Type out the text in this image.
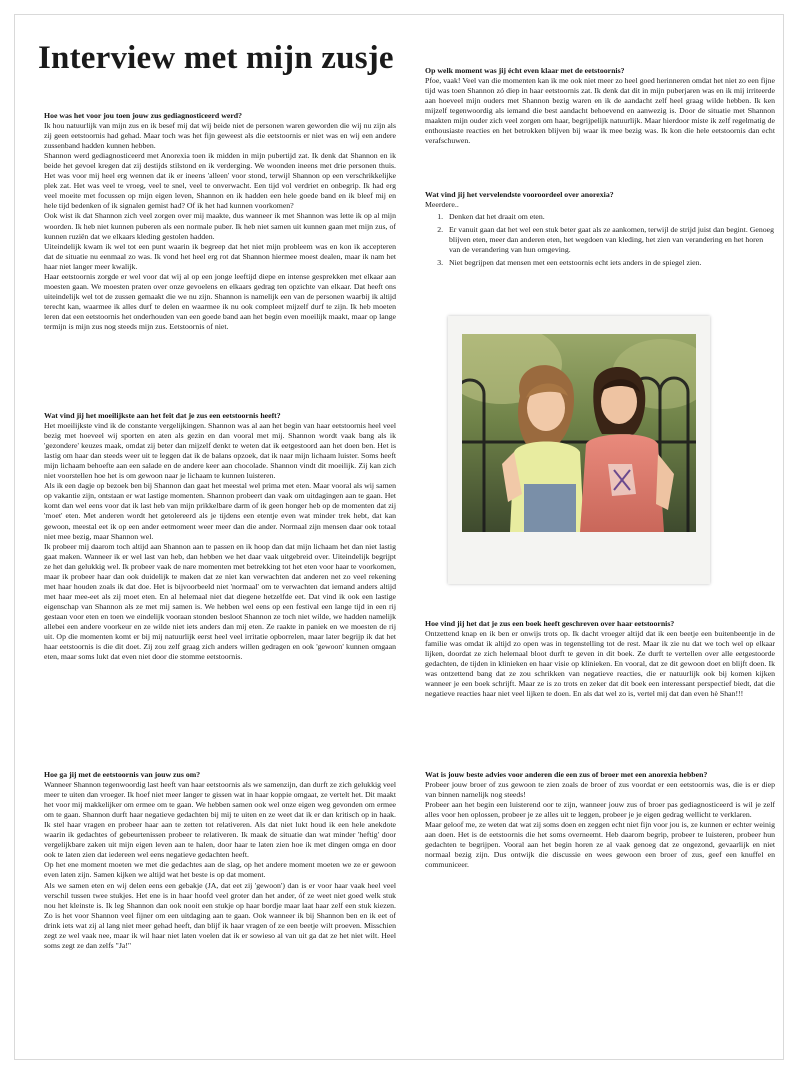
Interview met mijn zusje

Hoe was het voor jou toen jouw zus gediagnosticeerd werd?

Ik hou natuurlijk van mijn zus en ik besef mij dat wij beide niet de personen waren geworden die wij nu zijn als zij geen eetstoornis had gehad. Maar toch was het fijn geweest als die eetstoornis er niet was en wij een andere zussenband hadden kunnen hebben.

Shannon werd gediagnosticeerd met Anorexia toen ik midden in mijn pubertijd zat. Ik denk dat Shannon en ik beide het gevoel kregen dat zij destijds stilstond en ik verderging. We woonden ineens met drie personen thuis. Het was voor mij heel erg wennen dat ik er ineens 'alleen' voor stond, terwijl Shannon op een verschrikkelijke plek zat. Het was veel te vroeg, veel te snel, veel te onverwacht. Een tijd vol verdriet en onbegrip. Ik had erg veel moeite met focussen op mijn eigen leven, Shannon en ik hadden een hele goede band en ik bleef mij en hele tijd bedenken of ik signalen gemist had? Of ik het had kunnen voorkomen?

Ook wist ik dat Shannon zich veel zorgen over mij maakte, dus wanneer ik met Shannon was lette ik op al mijn woorden. Ik heb niet kunnen puberen als een normale puber. Ik heb niet samen uit kunnen gaan met mijn zus, of kunnen ruziën dat we elkaars kleding gestolen hadden.

Uiteindelijk kwam ik wel tot een punt waarin ik begreep dat het niet mijn probleem was en kon ik accepteren dat de situatie nu eenmaal zo was. Ik vond het heel erg rot dat Shannon hiermee moest dealen, maar ik nam het haar niet langer meer kwalijk.

Haar eetstoornis zorgde er wel voor dat wij al op een jonge leeftijd diepe en intense gesprekken met elkaar aan moesten gaan. We moesten praten over onze gevoelens en elkaars gedrag ten opzichte van elkaar. Dat heeft ons uiteindelijk wel tot de zussen gemaakt die we nu zijn. Shannon is namelijk een van de personen waarbij ik altijd terecht kan, waarmee ik alles durf te delen en waarmee ik nu ook compleet mijzelf durf te zijn. Ik heb moeten leren dat een eetstoornis het onderhouden van een goede band aan het begin even moeilijk maakt, maar op lange termijn is mijn zus nog steeds mijn zus. Eetstoornis of niet.

Wat vind jij het moeilijkste aan het feit dat je zus een eetstoornis heeft?

Het moeilijkste vind ik de constante vergelijkingen. Shannon was al aan het begin van haar eetstoornis heel veel bezig met hoeveel wij sporten en aten als gezin en dan vooral met mij. Shannon wordt vaak bang als ik 'gezondere' keuzes maak, omdat zij beter dan mijzelf denkt te weten dat ik eetgestoord aan het doen ben. Het is lastig om haar dan steeds weer uit te leggen dat ik de balans opzoek, dat ik naar mijn lichaam luister. Soms heeft mijn lichaam behoefte aan een salade en de andere keer aan chocolade. Shannon vindt dit moeilijk. Zij kan zich niet voorstellen hoe het is om gewoon naar je lichaam te kunnen luisteren.

Als ik een dagje op bezoek ben bij Shannon dan gaat het meestal wel prima met eten. Maar vooral als wij samen op vakantie zijn, ontstaan er wat lastige momenten. Shannon probeert dan vaak om uitdagingen aan te gaan. Het komt dan wel eens voor dat ik last heb van mijn prikkelbare darm of ik geen honger heb op de momenten dat zij 'moet' eten. Met anderen wordt het getolereerd als je tijdens een etentje even wat minder trek hebt, dat kan gewoon, meestal eet ik op een ander eetmoment weer meer dan die ander. Normaal zijn mensen daar ook totaal niet mee bezig, maar Shannon wel.

Ik probeer mij daarom toch altijd aan Shannon aan te passen en ik hoop dan dat mijn lichaam het dan niet lastig gaat maken. Wanneer ik er wel last van heb, dan hebben we het daar vaak uitgebreid over. Uiteindelijk begrijpt ze het dan gelukkig wel. Ik probeer vaak de nare momenten met betrekking tot het eten voor haar te voorkomen, maar ik probeer haar dan ook duidelijk te maken dat ze niet kan verwachten dat anderen net zo veel rekening met haar houden zoals ik dat doe. Het is bijvoorbeeld niet 'normaal' om te verwachten dat iemand anders altijd met haar mee-eet als zij moet eten. En al helemaal niet dat diegene hetzelfde eet. Dat vind ik ook een lastige eigenschap van Shannon als ze met mij samen is. We hebben wel eens op een festival een lange tijd in een rij gestaan voor eten en toen we eindelijk vooraan stonden besloot Shannon ze toch niet wilde, we hadden namelijk allebei een andere voorkeur en ze wilde niet iets anders dan mij eten. Ze raakte in paniek en we moesten de rij uit. Op die momenten komt er bij mij natuurlijk eerst heel veel irritatie opborrelen, maar later begrijp ik dat het haar eetstoornis is die dit doet. Zij zou zelf graag zich anders willen gedragen en ook 'gewoon' kunnen omgaan eten, maar soms lukt dat even niet door die stomme eetstoornis.

Hoe ga jij met de eetstoornis van jouw zus om?

Wanneer Shannon tegenwoordig last heeft van haar eetstoornis als we samenzijn, dan durft ze zich gelukkig veel meer te uiten dan vroeger. Ik hoef niet meer langer te gissen wat in haar koppie omgaat, ze vertelt het. Dit maakt het voor mij makkelijker om ermee om te gaan. We hebben samen ook wel onze eigen weg gevonden om ermee om te gaan. Shannon durft haar negatieve gedachten bij mij te uiten en ze weet dat ik er dan kritisch op in haak. Ik stel haar vragen en probeer haar aan te zetten tot relativeren. Als dat niet lukt houd ik een hele anekdote waarin ik gedachtes of gebeurtenissen probeer te relativeren. Ik maak de situatie dan wat minder 'heftig' door vergelijkbare zaken uit mijn eigen leven aan te halen, door haar te laten zien hoe ik met dingen omga en door ook te laten zien dat iedereen wel eens negatieve gedachten heeft.

Op het ene moment moeten we met die gedachtes aan de slag, op het andere moment moeten we ze er gewoon even laten zijn. Samen kijken we altijd wat het beste is op dat moment.

Als we samen eten en wij delen eens een gebakje (JA, dat eet zij 'gewoon') dan is er voor haar vaak heel veel verschil tussen twee stukjes. Het ene is in haar hoofd veel groter dan het ander, óf ze weet niet goed welk stuk nou het kleinste is. Ik leg Shannon dan ook nooit een stukje op haar bordje maar laat haar zelf een stuk kiezen. Zo is het voor Shannon veel fijner om een uitdaging aan te gaan. Ook wanneer ik bij Shannon ben en ik eet of drink iets wat zij al lang niet meer gehad heeft, dan blijf ik haar vragen of ze een beetje wilt proeven. Misschien zegt ze wel vaak nee, maar ik wil haar niet laten voelen dat ik er sowieso al van uit ga dat ze het niet wilt. Heel soms zegt ze dan zelfs "Ja!"

Op welk moment was jij écht even klaar met de eetstoornis?

Pfoe, vaak! Veel van die momenten kan ik me ook niet meer zo heel goed herinneren omdat het niet zo een fijne tijd was toen Shannon zó diep in haar eetstoornis zat. Ik denk dat dit in mijn puberjaren was en ik mij irriteerde aan hoeveel mijn ouders met Shannon bezig waren en ik de aandacht zelf heel graag wilde hebben. Ik ken mijzelf tegenwoordig als iemand die best aandacht behoevend en aanwezig is. Door de situatie met Shannon maakten mijn ouder zich veel zorgen om haar, begrijpelijk natuurlijk. Maar hierdoor miste ik zelf regelmatig de enthousiaste reacties en het betrokken blijven bij waar ik mee bezig was. Ik kon die hele eetstoornis dan echt verafschuwen.

Wat vind jij het vervelendste vooroordeel over anorexia?

Meerdere..

1. Denken dat het draait om eten.
2. Er vanuit gaan dat het wel een stuk beter gaat als ze aankomen, terwijl de strijd juist dan begint. Genoeg blijven eten, meer dan anderen eten, het wegdoen van kleding, het zien van verandering en het horen van de verandering van hun omgeving.
3. Niet begrijpen dat mensen met een eetstoornis echt iets anders in de spiegel zien.

Hoe vind jij het dat je zus een boek heeft geschreven over haar eetstoornis?

Ontzettend knap en ik ben er onwijs trots op. Ik dacht vroeger altijd dat ik een beetje een buitenbeentje in de familie was omdat ik altijd zo open was in tegenstelling tot de rest. Maar ik zie nu dat we toch wel op elkaar lijken, doordat ze zich helemaal bloot durft te geven in dit boek. Ze durft te vertellen over alle eetgestoorde gedachten, de tijden in klinieken en haar visie op klinieken. En vooral, dat ze dit gewoon doet en blijft doen. Ik was ontzettend bang dat ze zou schrikken van negatieve reacties, die er natuurlijk ook bij komen kijken wanneer je een boek schrijft. Maar ze is zo trots en zeker dat dit boek een interessant perspectief biedt, dat die negatieve reacties haar niet veel lijken te doen. En als dat wel zo is, vertel mij dat dan even hè Shan!!!

Wat is jouw beste advies voor anderen die een zus of broer met een anorexia hebben?

Probeer jouw broer of zus gewoon te zien zoals de broer of zus voordat er een eetstoornis was, die is er diep van binnen namelijk nog steeds!

Probeer aan het begin een luisterend oor te zijn, wanneer jouw zus of broer pas gediagnosticeerd is wil je zelf alles voor hen oplossen, probeer je ze alles uit te leggen, probeer je je eigen gedrag wellicht te verklaren.

Maar geloof me, ze weten dat wat zij soms doen en zeggen echt niet fijn voor jou is, ze kunnen er echter weinig aan doen. Het is de eetstoornis die het soms overneemt. Heb daarom begrip, probeer te luisteren, probeer hun gedachten te begrijpen. Vooral aan het begin horen ze al vaak genoeg dat ze ongezond, gevaarlijk en niet normaal bezig zijn. Dus ontwijk die discussie en wees gewoon een broer of zus, geef een knuffel en communiceer.
